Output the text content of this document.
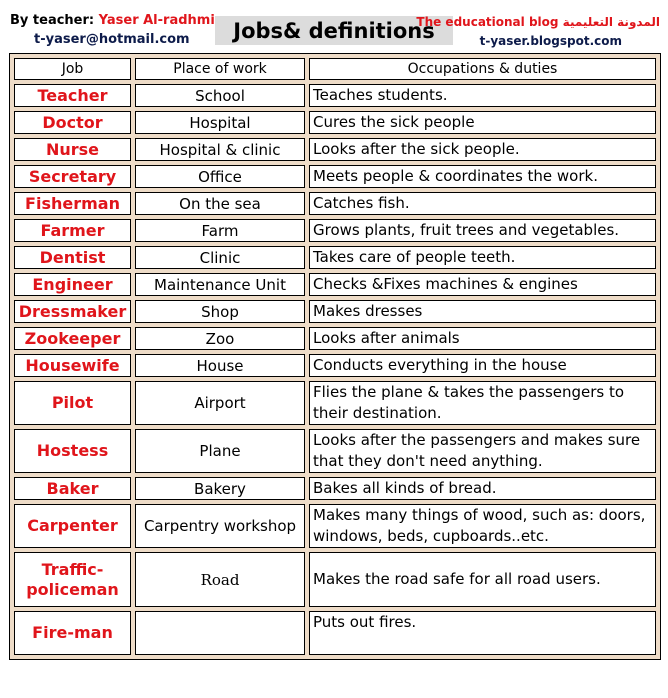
By teacher: Yaser Al-radhmi
t-yaser@hotmail.com	Jobs& definitions
The educational blog المدونة التعليمية
t-yaser.blogspot.com
Job	Place of work	Occupations & duties
Teacher	School	Teaches students.
Doctor	Hospital	Cures the sick people
Nurse	Hospital & clinic	Looks after the sick people.
Secretary	Office	Meets people & coordinates the work.
Fisherman	On the sea	Catches fish.
Farmer	Farm	Grows plants, fruit trees and vegetables.
Dentist	Clinic	Takes care of people teeth.
Engineer	Maintenance Unit	Checks &Fixes machines & engines
Dressmaker	Shop	Makes dresses
Zookeeper	Zoo	Looks after animals
Housewife	House	Conducts everything in the house
Pilot	Airport	Flies the plane & takes the passengers to their destination.
Hostess	Plane	Looks after the passengers and makes sure that they don't need anything.
Baker	Bakery	Bakes all kinds of bread.
Carpenter	Carpentry workshop	Makes many things of wood, such as: doors, windows, beds, cupboards..etc.
Traffic-policeman	Road	Makes the road safe for all road users.
Fire-man		Puts out fires.
